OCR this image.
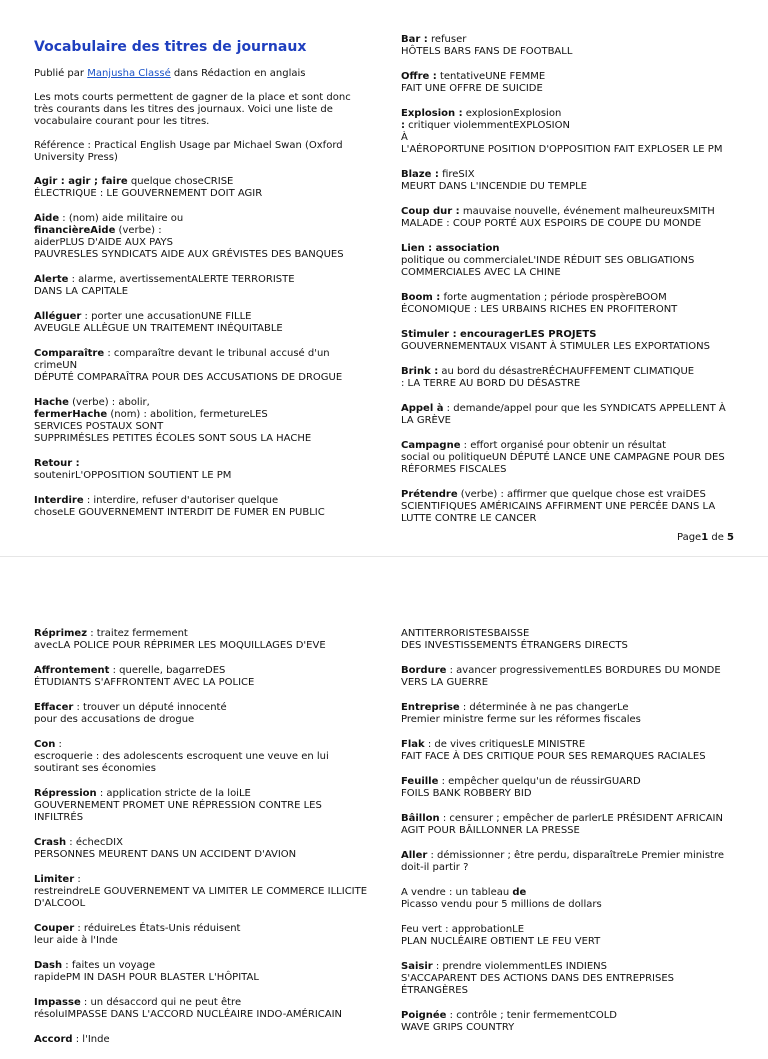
Vocabulaire des titres de journaux
Publié par Manjusha Classé dans Rédaction en anglais
Les mots courts permettent de gagner de la place et sont donc très courants dans les titres des journaux. Voici une liste de vocabulaire courant pour les titres.
Référence : Practical English Usage par Michael Swan (Oxford University Press)
Agir : agir ; faire quelque choseCRISE
ÉLECTRIQUE : LE GOUVERNEMENT DOIT AGIR
Aide : (nom) aide militaire ou
financièreAide (verbe) :
aiderPLUS D'AIDE AUX PAYS
PAUVRESLES SYNDICATS AIDE AUX GRÉVISTES DES BANQUES
Alerte : alarme, avertissementALERTE TERRORISTE
DANS LA CAPITALE
Alléguer : porter une accusationUNE FILLE
AVEUGLE ALLÈGUE UN TRAITEMENT INÉQUITABLE
Comparaître : comparaître devant le tribunal accusé d'un crimeUN
DÉPUTÉ COMPARAÎTRA POUR DES ACCUSATIONS DE DROGUE
Hache (verbe) : abolir,
fermerHache (nom) : abolition, fermetureLES
SERVICES POSTAUX SONT
SUPPRIMÉSLES PETITES ÉCOLES SONT SOUS LA HACHE
Retour :
soutenirL'OPPOSITION SOUTIENT LE PM
Interdire : interdire, refuser d'autoriser quelque
choseLE GOUVERNEMENT INTERDIT DE FUMER EN PUBLIC
Bar : refuser
HÔTELS BARS FANS DE FOOTBALL
Offre : tentativeUNE FEMME
FAIT UNE OFFRE DE SUICIDE
Explosion : explosionExplosion
: critiquer violemmentEXPLOSION
À
L'AÉROPORTUNE POSITION D'OPPOSITION FAIT EXPLOSER LE PM
Blaze : fireSIX
MEURT DANS L'INCENDIE DU TEMPLE
Coup dur : mauvaise nouvelle, événement malheureuxSMITH
MALADE : COUP PORTÉ AUX ESPOIRS DE COUPE DU MONDE
Lien : association
politique ou commercialeL'INDE RÉDUIT SES OBLIGATIONS
COMMERCIALES AVEC LA CHINE
Boom : forte augmentation ; période prospèreBOOM
ÉCONOMIQUE : LES URBAINS RICHES EN PROFITERONT
Stimuler : encouragerLES PROJETS
GOUVERNEMENTAUX VISANT À STIMULER LES EXPORTATIONS
Brink : au bord du désastreRÉCHAUFFEMENT CLIMATIQUE
: LA TERRE AU BORD DU DÉSASTRE
Appel à : demande/appel pour que les SYNDICATS APPELLENT À
LA GRÈVE
Campagne : effort organisé pour obtenir un résultat
social ou politiqueUN DÉPUTÉ LANCE UNE CAMPAGNE POUR DES
RÉFORMES FISCALES
Prétendre (verbe) : affirmer que quelque chose est vraiDES
SCIENTIFIQUES AMÉRICAINS AFFIRMENT UNE PERCÉE DANS LA
LUTTE CONTRE LE CANCER
Page1 de 5
Réprimez : traitez fermement
avecLA POLICE POUR RÉPRIMER LES MOQUILLAGES D'EVE
Affrontement : querelle, bagarreDES
ÉTUDIANTS S'AFFRONTENT AVEC LA POLICE
Effacer : trouver un député innocenté
pour des accusations de drogue
Con :
escroquerie : des adolescents escroquent une veuve en lui
soutirant ses économies
Répression : application stricte de la loiLE
GOUVERNEMENT PROMET UNE RÉPRESSION CONTRE LES INFILTRÉS
Crash : échecDIX
PERSONNES MEURENT DANS UN ACCIDENT D'AVION
Limiter :
restreindreLE GOUVERNEMENT VA LIMITER LE COMMERCE ILLICITE
D'ALCOOL
Couper : réduireLes États-Unis réduisent
leur aide à l'Inde
Dash : faites un voyage
rapidePM IN DASH POUR BLASTER L'HÔPITAL
Impasse : un désaccord qui ne peut être
résoluIMPASSE DANS L'ACCORD NUCLÉAIRE INDO-AMÉRICAIN
Accord : l'Inde
ANTITERRORISTESBAISSE
DES INVESTISSEMENTS ÉTRANGERS DIRECTS
Bordure : avancer progressivementLES BORDURES DU MONDE
VERS LA GUERRE
Entreprise : déterminée à ne pas changerLe
Premier ministre ferme sur les réformes fiscales
Flak : de vives critiquesLE MINISTRE
FAIT FACE À DES CRITIQUE POUR SES REMARQUES RACIALES
Feuille : empêcher quelqu'un de réussirGUARD
FOILS BANK ROBBERY BID
Bâillon : censurer ; empêcher de parlerLE PRÉSIDENT AFRICAIN
AGIT POUR BÂILLONNER LA PRESSE
Aller : démissionner ; être perdu, disparaîtreLe Premier ministre
doit-il partir ?
A vendre : un tableau de
Picasso vendu pour 5 millions de dollars
Feu vert : approbationLE
PLAN NUCLÉAIRE OBTIENT LE FEU VERT
Saisir : prendre violemmentLES INDIENS
S'ACCAPARENT DES ACTIONS DANS DES ENTREPRISES
ÉTRANGÈRES
Poignée : contrôle ; tenir fermementCOLD
WAVE GRIPS COUNTRY
